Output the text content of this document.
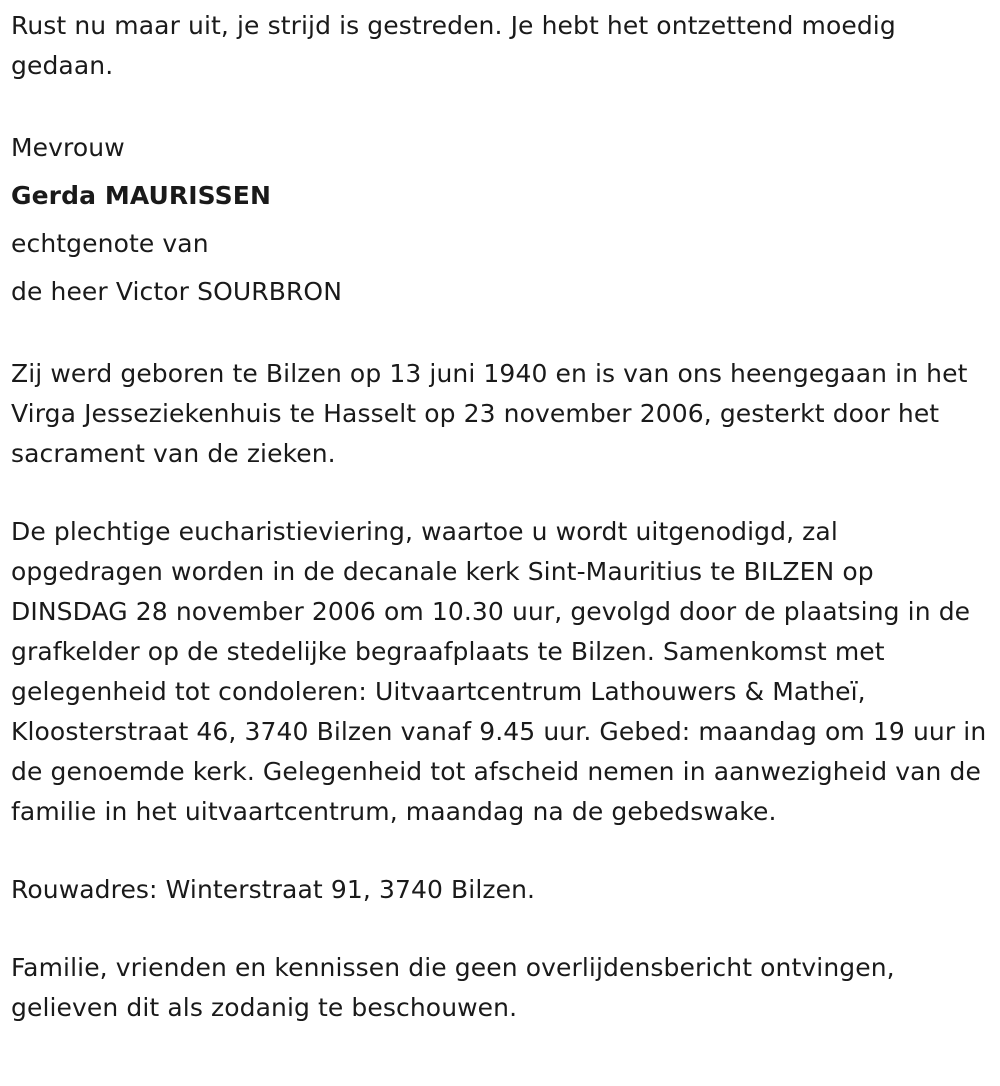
Rust nu maar uit, je strijd is gestreden. Je hebt het ontzettend moedig gedaan.

Mevrouw

Gerda MAURISSEN

echtgenote van

de heer Victor SOURBRON

Zij werd geboren te Bilzen op 13 juni 1940 en is van ons heengegaan in het Virga Jesseziekenhuis te Hasselt op 23 november 2006, gesterkt door het sacrament van de zieken.

De plechtige eucharistieviering, waartoe u wordt uitgenodigd, zal opgedragen worden in de decanale kerk Sint-Mauritius te BILZEN op DINSDAG 28 november 2006 om 10.30 uur, gevolgd door de plaatsing in de grafkelder op de stedelijke begraafplaats te Bilzen. Samenkomst met gelegenheid tot condoleren: Uitvaartcentrum Lathouwers & Matheï, Kloosterstraat 46, 3740 Bilzen vanaf 9.45 uur. Gebed: maandag om 19 uur in de genoemde kerk. Gelegenheid tot afscheid nemen in aanwezigheid van de familie in het uitvaartcentrum, maandag na de gebedswake.

Rouwadres: Winterstraat 91, 3740 Bilzen.

Familie, vrienden en kennissen die geen overlijdensbericht ontvingen, gelieven dit als zodanig te beschouwen.
